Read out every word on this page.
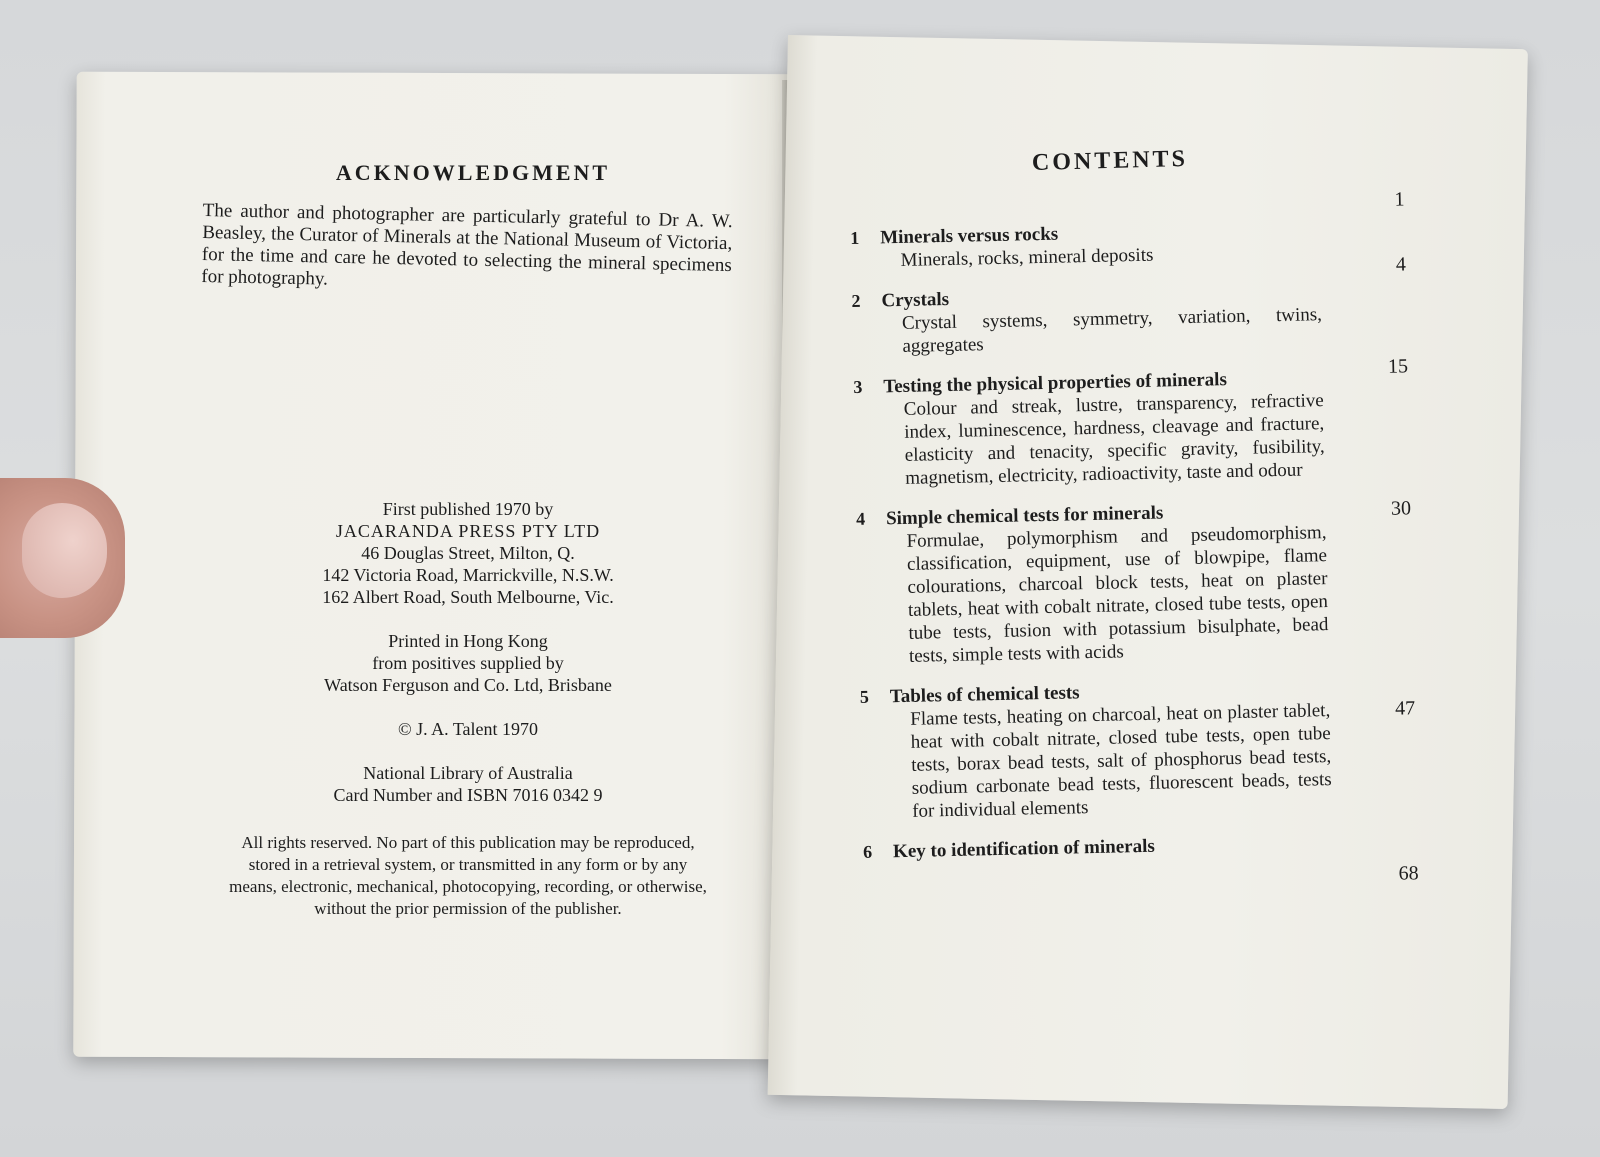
ACKNOWLEDGMENT
The author and photographer are particularly grateful to Dr A. W. Beasley, the Curator of Minerals at the National Museum of Victoria, for the time and care he devoted to selecting the mineral specimens for photography.

First published 1970 by

JACARANDA PRESS PTY LTD

46 Douglas Street, Milton, Q.

142 Victoria Road, Marrickville, N.S.W.

162 Albert Road, South Melbourne, Vic.

Printed in Hong Kong

from positives supplied by

Watson Ferguson and Co. Ltd, Brisbane

© J. A. Talent 1970

National Library of Australia

Card Number and ISBN 7016 0342 9

All rights reserved. No part of this publication may be reproduced, stored in a retrieval system, or transmitted in any form or by any means, electronic, mechanical, photocopying, recording, or otherwise, without the prior permission of the publisher.
CONTENTS
1
1 Minerals versus rocks
Minerals, rocks, mineral deposits	4
2 Crystals
Crystal systems, symmetry, variation, twins, aggregates
15
3 Testing the physical properties of minerals
Colour and streak, lustre, transparency, refractive index, luminescence, hardness, cleavage and fracture, elasticity and tenacity, specific gravity, fusibility, magnetism, electricity, radioactivity, taste and odour
30
4 Simple chemical tests for minerals
Formulae, polymorphism and pseudomorphism, classification, equipment, use of blowpipe, flame colourations, charcoal block tests, heat on plaster tablets, heat with cobalt nitrate, closed tube tests, open tube tests, fusion with potassium bisulphate, bead tests, simple tests with acids
47
5 Tables of chemical tests
Flame tests, heating on charcoal, heat on plaster tablet, heat with cobalt nitrate, closed tube tests, open tube tests, borax bead tests, salt of phosphorus bead tests, sodium carbonate bead tests, fluorescent beads, tests for individual elements
68
6 Key to identification of minerals
